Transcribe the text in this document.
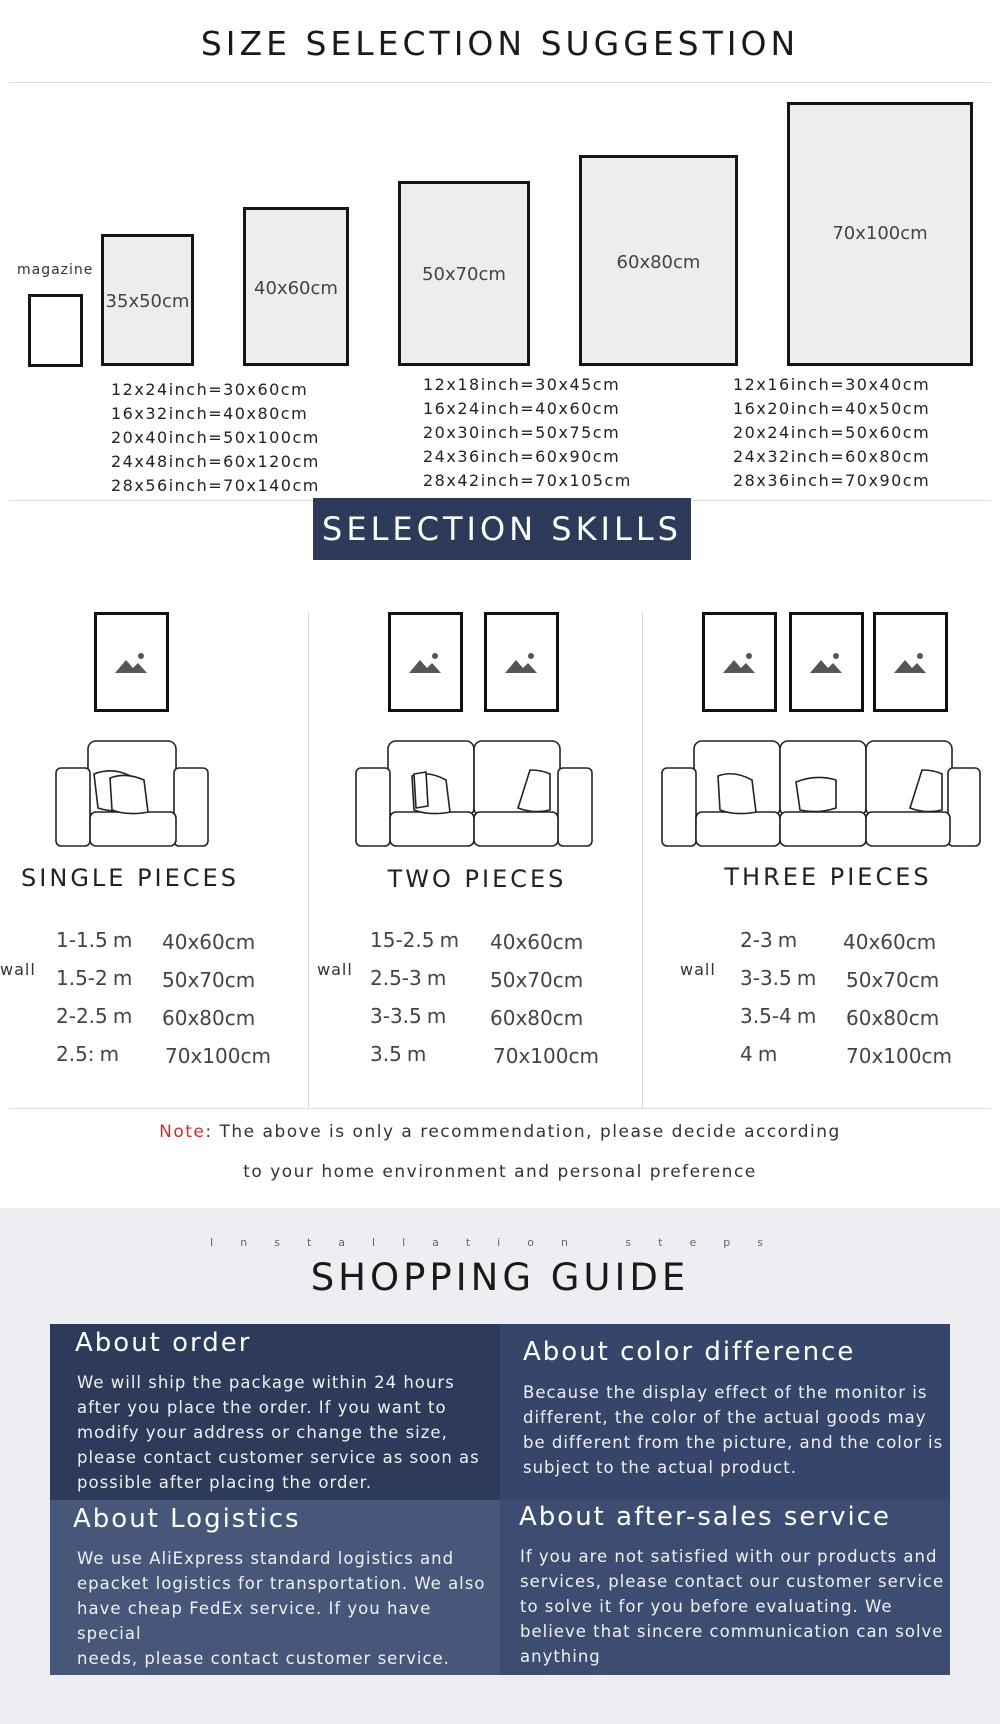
SIZE SELECTION SUGGESTION
magazine
35x50cm
40x60cm
50x70cm
60x80cm
70x100cm
12x24inch=30x60cm
16x32inch=40x80cm
20x40inch=50x100cm
24x48inch=60x120cm
28x56inch=70x140cm
12x18inch=30x45cm
16x24inch=40x60cm
20x30inch=50x75cm
24x36inch=60x90cm
28x42inch=70x105cm
12x16inch=30x40cm
16x20inch=40x50cm
20x24inch=50x60cm
24x32inch=60x80cm
28x36inch=70x90cm
SELECTION SKILLS
SINGLE PIECES	TWO PIECES	THREE PIECES
wall	wall	wall
1-1.5 m 40x60cm
1.5-2 m 50x70cm
2-2.5 m 60x80cm
2.5: m 70x100cm
15-2.5 m 40x60cm
2.5-3 m 50x70cm
3-3.5 m 60x80cm
3.5 m	70x100cm
2-3 m 40x60cm
3-3.5 m 50x70cm
3.5-4 m 60x80cm
4 m	70x100cm
Note: The above is only a recommendation, please decide according
to your home environment and personal preference
Installation steps
SHOPPING GUIDE
About order
We will ship the package within 24 hours
after you place the order. If you want to
modify your address or change the size,
please contact customer service as soon as
possible after placing the order.
About color difference
Because the display effect of the monitor is
different, the color of the actual goods may
be different from the picture, and the color is
subject to the actual product.
About Logistics
We use AliExpress standard logistics and
epacket logistics for transportation. We also
have cheap FedEx service. If you have special
needs, please contact customer service.
About after-sales service
If you are not satisfied with our products and
services, please contact our customer service
to solve it for you before evaluating. We
believe that sincere communication can solve
anything
